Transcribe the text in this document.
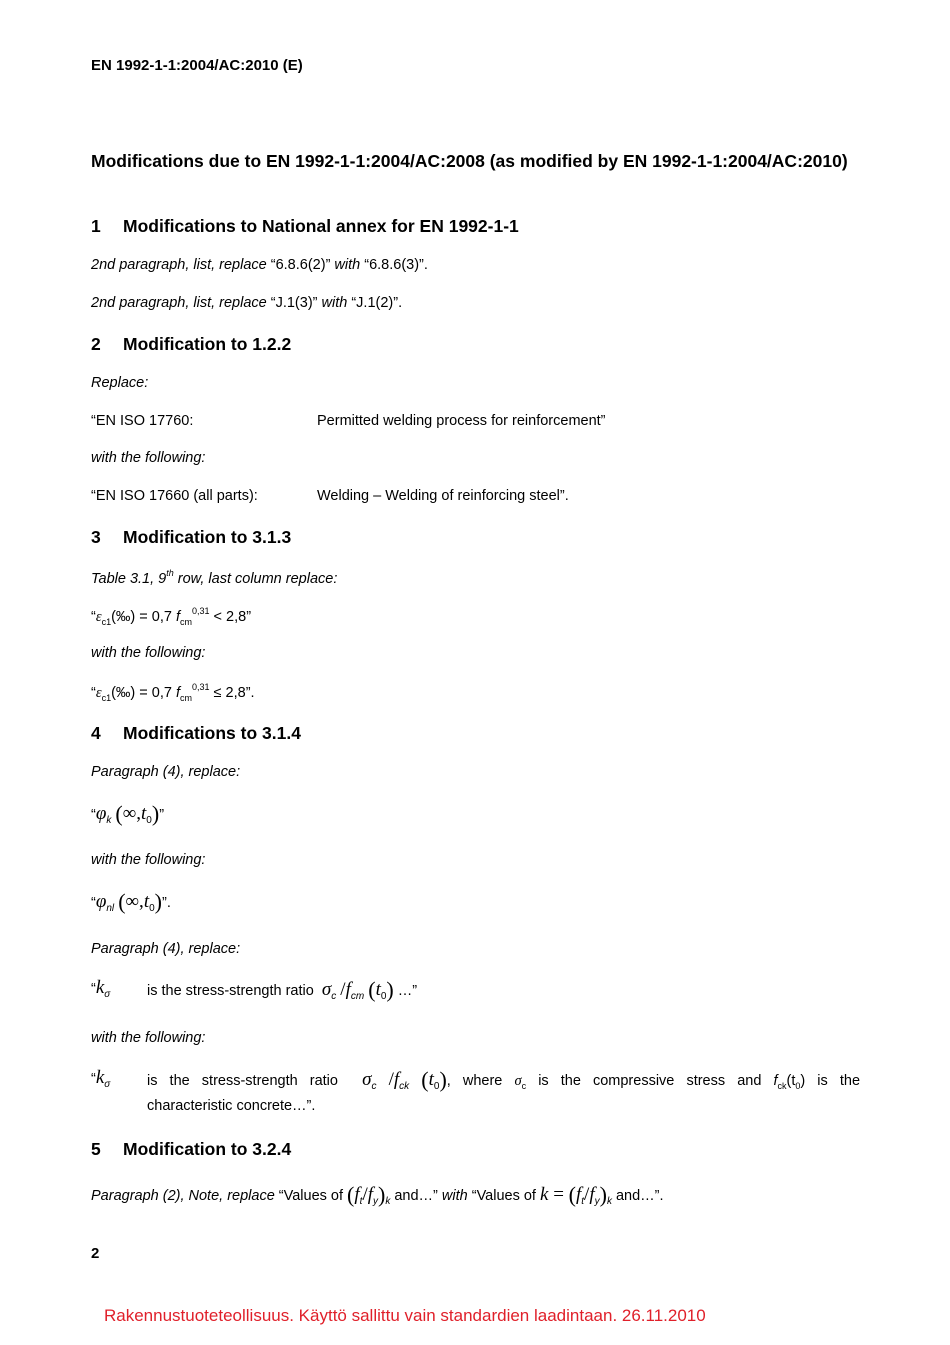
EN 1992-1-1:2004/AC:2010 (E)
Modifications due to EN 1992-1-1:2004/AC:2008 (as modified by EN 1992-1-1:2004/AC:2010)
1 Modifications to National annex for EN 1992-1-1
2nd paragraph, list, replace “6.8.6(2)” with “6.8.6(3)”.
2nd paragraph, list, replace “J.1(3)” with “J.1(2)”.
2 Modification to 1.2.2
Replace:
“EN ISO 17760:	Permitted welding process for reinforcement”
with the following:
“EN ISO 17660 (all parts):	Welding – Welding of reinforcing steel”.
3 Modification to 3.1.3
Table 3.1, 9th row, last column replace:
“$\varepsilon_{c1}(‰) = 0,7$ $f_{cm}^{0,31} < 2,8$”
with the following:
“$\varepsilon_{c1}(‰) = 0,7$ $f_{cm}^{0,31} \le 2,8$”.
4 Modifications to 3.1.4
Paragraph (4), replace:
“$\varphi_k$ $(\infty,t_0)$”
with the following:
“$\varphi_{nl}$ $(\infty,t_0)$”.
Paragraph (4), replace:
“$k_\sigma$	is the stress-strength ratio $\sigma_c$ $/f_{cm}$ $(t_0)$ …”
with the following:
“$k_\sigma$	is the stress-strength ratio $\sigma_c$ $/f_{ck}$ $(t_0)$, where $\sigma_c$ is the compressive stress and $f_{ck}(t_0)$ is the
characteristic concrete…”.
5 Modification to 3.2.4
Paragraph (2), Note, replace “Values of $(f_t/f_y)_k$ and…” with “Values of $k = (f_t/f_y)_k$ and…”.
2
Rakennustuoteteollisuus. Käyttö sallittu vain standardien laadintaan. 26.11.2010
